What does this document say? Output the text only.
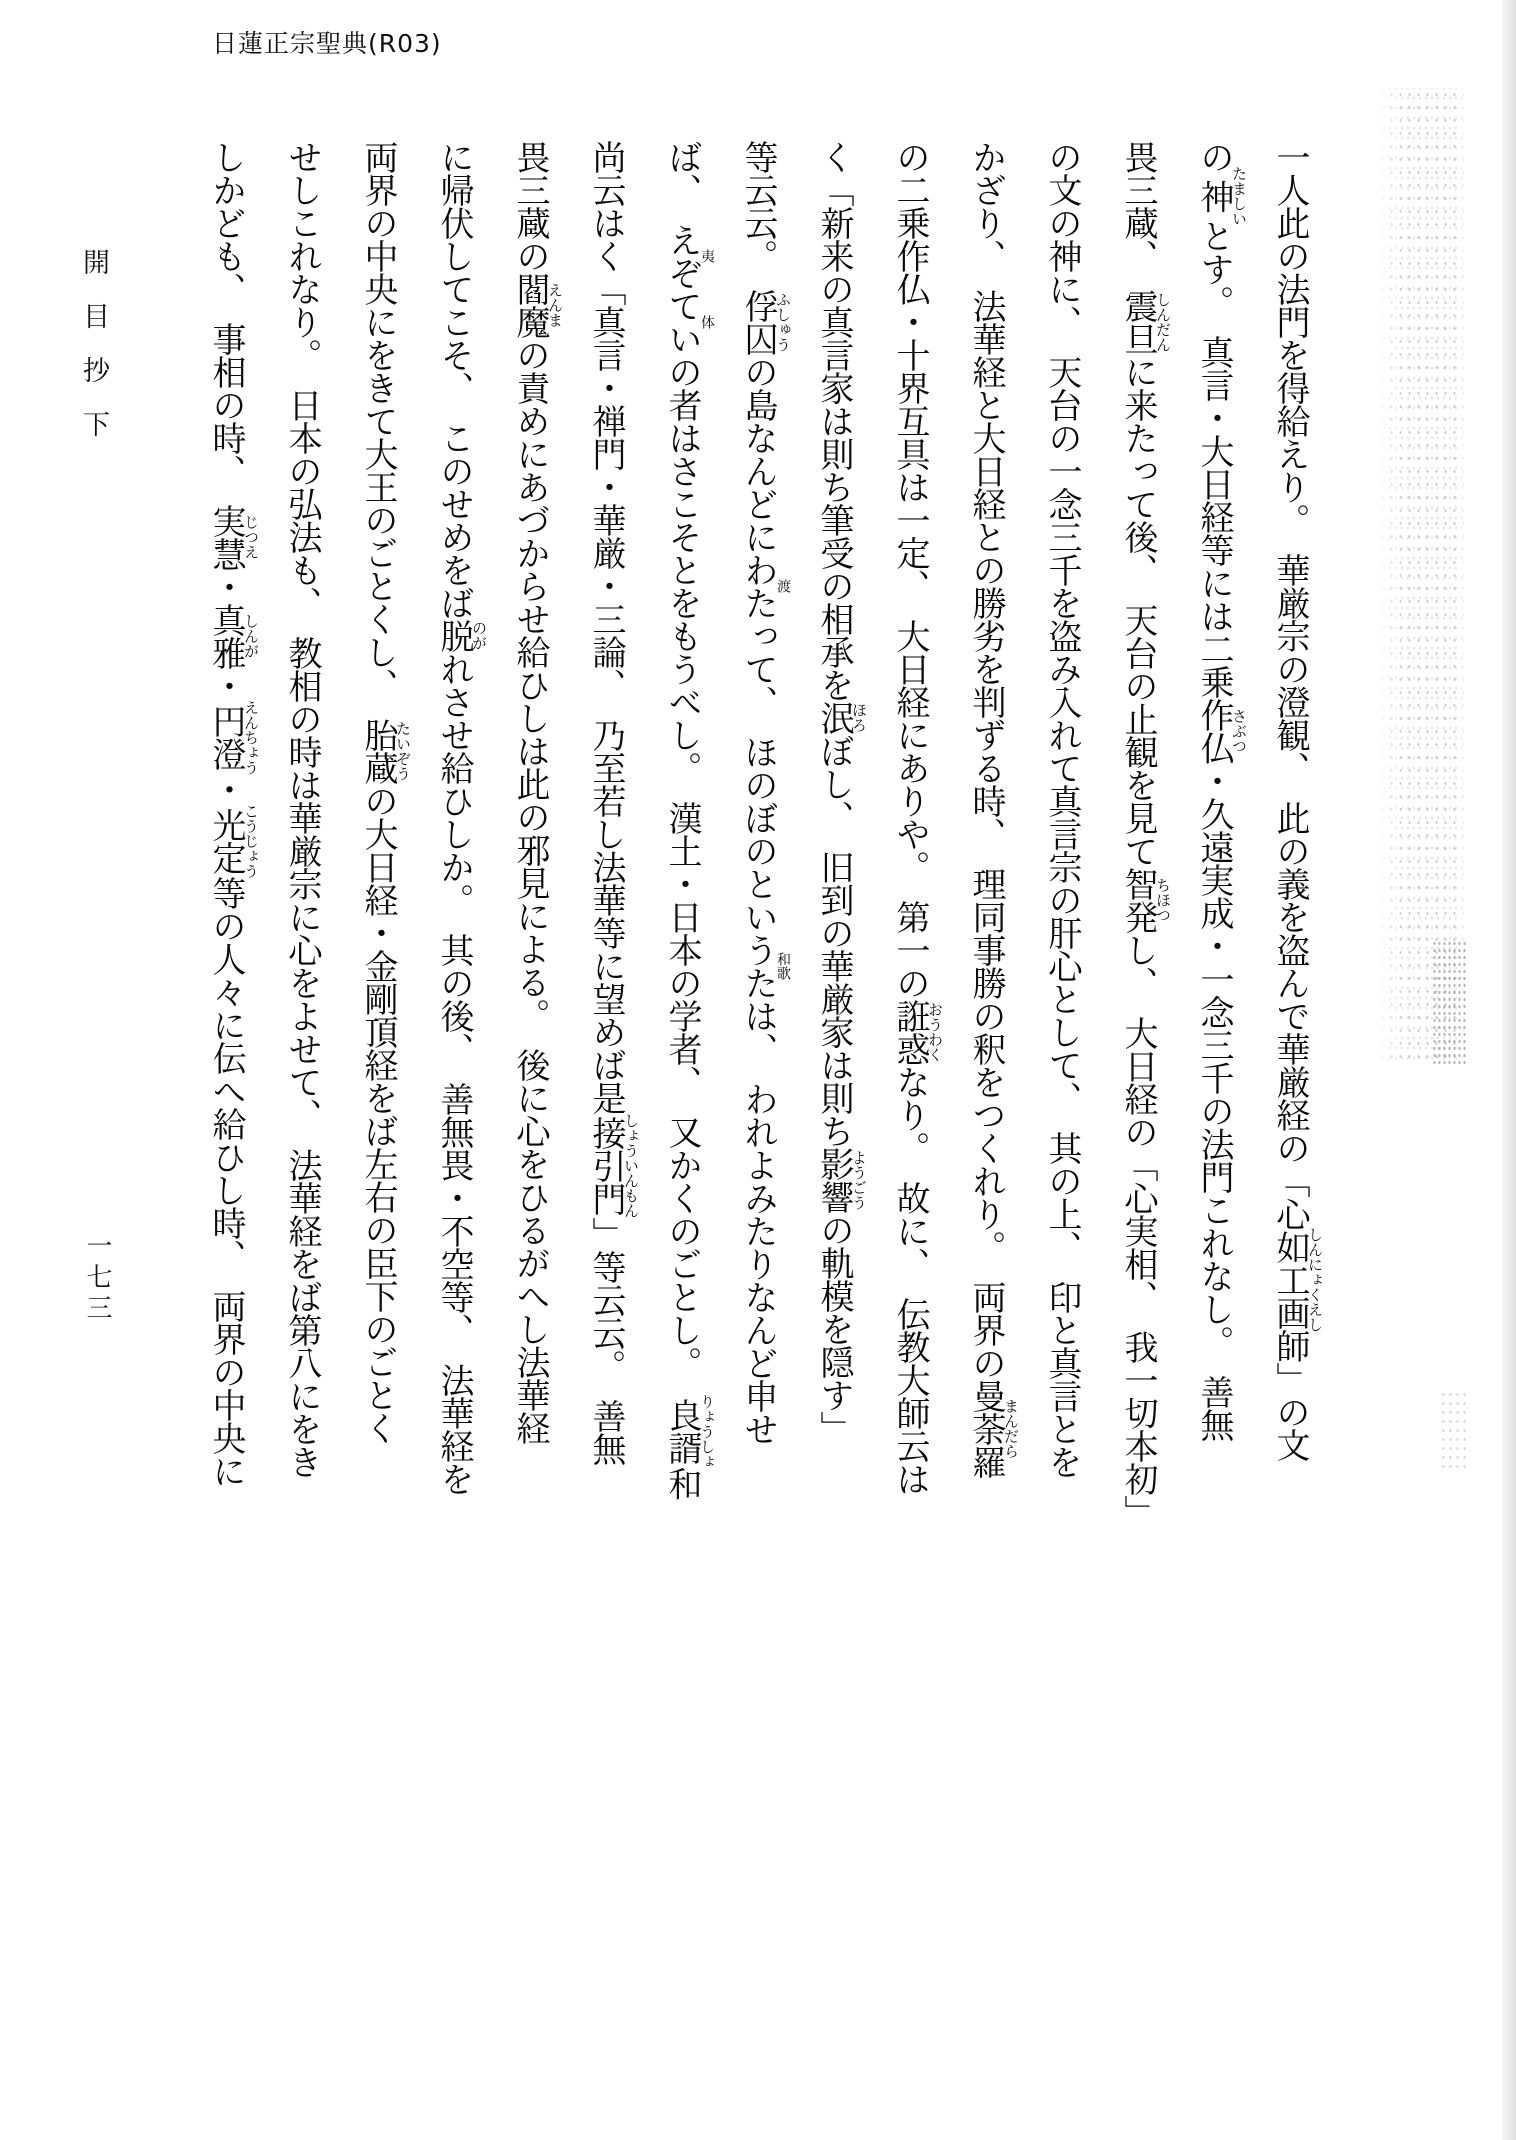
日蓮正宗聖典(R03)
開　目　抄　下
一人此の法門を得給えり。華厳宗の澄観、此の義を盗んで華厳経の「心如工画師しんにょくえし」の文
の神たましいとす。真言・大日経等には二乗作仏さぶつ・久遠実成・一念三千の法門これなし。善無
畏三蔵、震旦しんだんに来たって後、天台の止観を見て智発ちほつし、大日経の「心実相、我一切本初」
の文の神に、天台の一念三千を盗み入れて真言宗の肝心として、其の上、印と真言とを
かざり、法華経と大日経との勝劣を判ずる時、理同事勝の釈をつくれり。両界の曼荼羅まんだら
の二乗作仏・十界互具は一定、大日経にありや。第一の誑惑おうわくなり。故に、伝教大師云は
く「新来の真言家は則ち筆受の相承を泯ほろぼし、旧到の華厳家は則ち影響ようごうの軌模を隠す」
等云云。俘囚ふしゅうの島なんどにわた渡って、ほのぼのというた和歌は、われよみたりなんど申せ
ば、えぞ夷てい体の者はさこそとをもうべし。漢土・日本の学者、又かくのごとし。良諝りょうしょ和
尚云はく「真言・禅門・華厳・三論、乃至若し法華等に望めば是接引門しょういんもん」等云云。善無
畏三蔵の閻魔えんまの責めにあづからせ給ひしは此の邪見による。後に心をひるがへし法華経
に帰伏してこそ、このせめをば脱のがれさせ給ひしか。其の後、善無畏・不空等、法華経を
両界の中央にをきて大王のごとくし、胎蔵たいぞうの大日経・金剛頂経をば左右の臣下のごとく
せしこれなり。日本の弘法も、教相の時は華厳宗に心をよせて、法華経をば第八にをき
しかども、事相の時、実慧じつえ・真雅しんが・円澄えんちょう・光定こうじょう等の人々に伝へ給ひし時、両界の中央に
一七三
